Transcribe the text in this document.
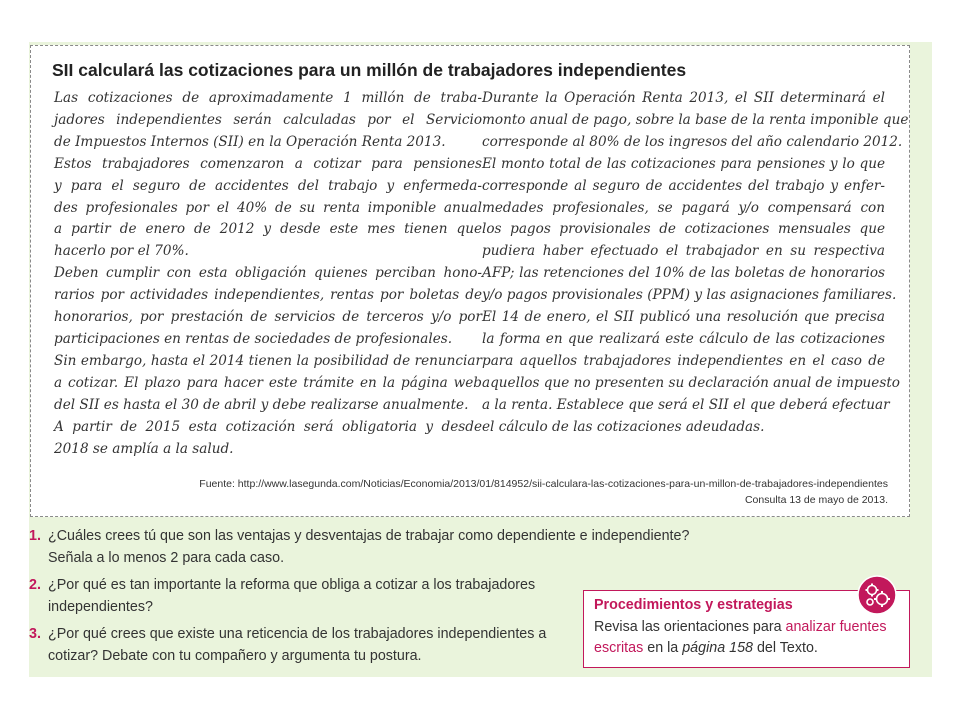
SII calculará las cotizaciones para un millón de trabajadores independientes
Las cotizaciones de aproximadamente 1 millón de traba-
jadores independientes serán calculadas por el Servicio
de Impuestos Internos (SII) en la Operación Renta 2013.
Estos trabajadores comenzaron a cotizar para pensiones
y para el seguro de accidentes del trabajo y enfermeda-
des profesionales por el 40% de su renta imponible anual
a partir de enero de 2012 y desde este mes tienen que
hacerlo por el 70%.
Deben cumplir con esta obligación quienes perciban hono-
rarios por actividades independientes, rentas por boletas de
honorarios, por prestación de servicios de terceros y/o por
participaciones en rentas de sociedades de profesionales.
Sin embargo, hasta el 2014 tienen la posibilidad de renunciar
a cotizar. El plazo para hacer este trámite en la página web
del SII es hasta el 30 de abril y debe realizarse anualmente.
A partir de 2015 esta cotización será obligatoria y desde
2018 se amplía a la salud.
Durante la Operación Renta 2013, el SII determinará el
monto anual de pago, sobre la base de la renta imponible que
corresponde al 80% de los ingresos del año calendario 2012.
El monto total de las cotizaciones para pensiones y lo que
corresponde al seguro de accidentes del trabajo y enfer-
medades profesionales, se pagará y/o compensará con
los pagos provisionales de cotizaciones mensuales que
pudiera haber efectuado el trabajador en su respectiva
AFP; las retenciones del 10% de las boletas de honorarios
y/o pagos provisionales (PPM) y las asignaciones familiares.
El 14 de enero, el SII publicó una resolución que precisa
la forma en que realizará este cálculo de las cotizaciones
para aquellos trabajadores independientes en el caso de
aquellos que no presenten su declaración anual de impuesto
a la renta. Establece que será el SII el que deberá efectuar
el cálculo de las cotizaciones adeudadas.
Fuente: http://www.lasegunda.com/Noticias/Economia/2013/01/814952/sii-calculara-las-cotizaciones-para-un-millon-de-trabajadores-independientes
Consulta 13 de mayo de 2013.
1. ¿Cuáles crees tú que son las ventajas y desventajas de trabajar como dependiente e independiente?
Señala a lo menos 2 para cada caso.
2. ¿Por qué es tan importante la reforma que obliga a cotizar a los trabajadores
independientes?
3. ¿Por qué crees que existe una reticencia de los trabajadores independientes a
cotizar? Debate con tu compañero y argumenta tu postura.
Procedimientos y estrategias
Revisa las orientaciones para analizar fuentes
escritas en la página 158 del Texto.
